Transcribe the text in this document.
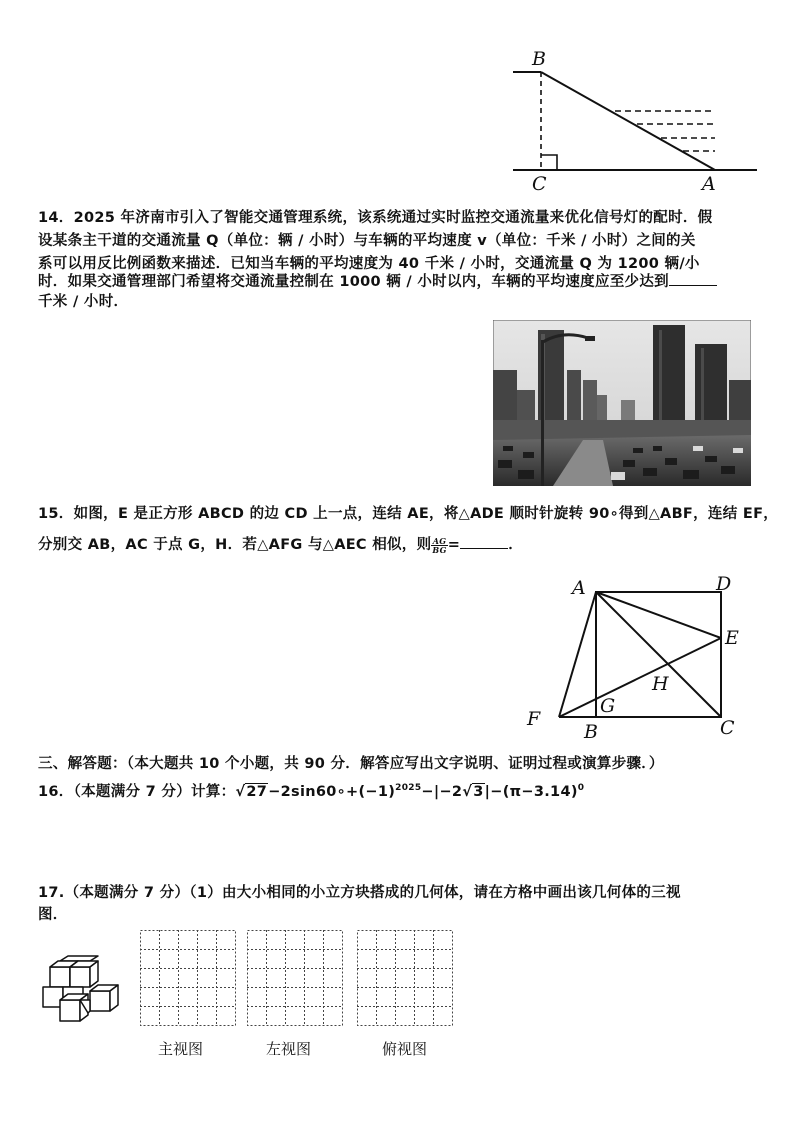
B
C	A
14．2025 年济南市引入了智能交通管理系统，该系统通过实时监控交通流量来优化信号灯的配时．假
设某条主干道的交通流量 Q（单位：辆 / 小时）与车辆的平均速度 v（单位：千米 / 小时）之间的关
系可以用反比例函数来描述．已知当车辆的平均速度为 40 千米 / 小时，交通流量 Q 为 1200 辆/小
时．如果交通管理部门希望将交通流量控制在 1000 辆 / 小时以内，车辆的平均速度应至少达到
千米 / 小时．
15．如图，E 是正方形 ABCD 的边 CD 上一点，连结 AE，将△ADE 顺时针旋转 90∘得到△ABF，连结 EF，
分别交 AB，AC 于点 G，H．若△AFG 与△AEC 相似，则 $\frac{AG}{BG}$ =	．
A	D
E
H
G
F
B	C
三、解答题：（本大题共 10 个小题，共 90 分．解答应写出文字说明、证明过程或演算步骤．）
16．（本题满分 7 分）计算：$√27-2\sin 60\circ+(-1)^{2025}-|-2√3|-(\pi-3.14)^0$
17.（本题满分 7 分）（1）由大小相同的小立方块搭成的几何体，请在方格中画出该几何体的三视
图．
主视图	左视图	俯视图
